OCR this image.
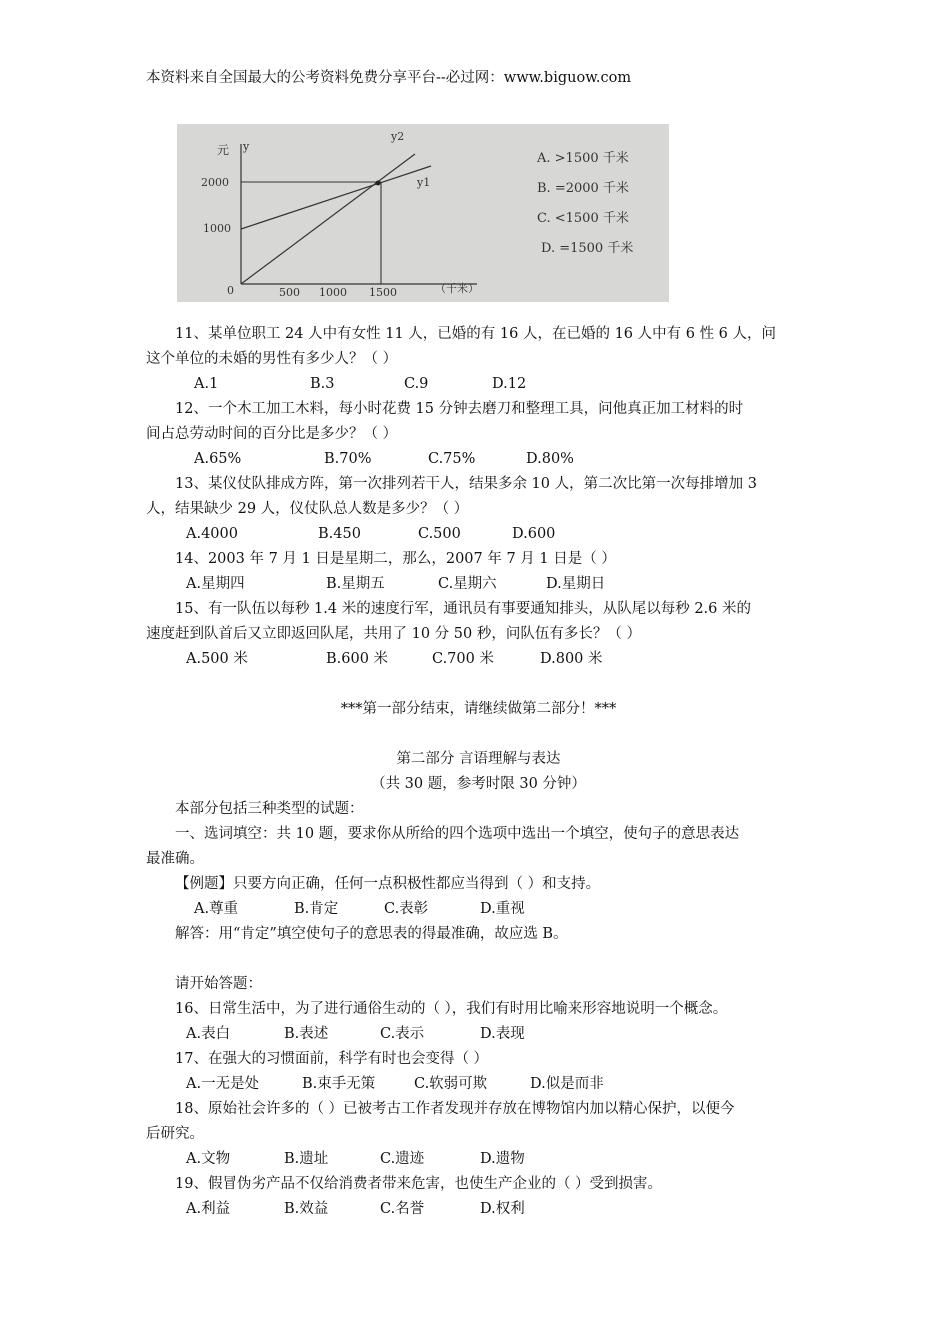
本资料来自全国最大的公考资料免费分享平台--必过网：www.biguow.com
元 y
2000
1000
0	500 1000 1500	（千米）
y2
y1
A. >1500 千米
B. =2000 千米
C. <1500 千米
D. =1500 千米

11、某单位职工 24 人中有女性 11 人，已婚的有 16 人，在已婚的 16 人中有 6 性 6 人，问

这个单位的未婚的男性有多少人？（ ）

A.1	B.3	C.9	D.12

12、一个木工加工木料，每小时花费 15 分钟去磨刀和整理工具，问他真正加工材料的时

间占总劳动时间的百分比是多少？（ ）

A.65%	B.70%	C.75%	D.80%

13、某仪仗队排成方阵，第一次排列若干人，结果多余 10 人，第二次比第一次每排增加 3

人，结果缺少 29 人，仪仗队总人数是多少？（ ）

A.4000	B.450	C.500	D.600

14、2003 年 7 月 1 日是星期二，那么，2007 年 7 月 1 日是（ ）

A.星期四	B.星期五	C.星期六	D.星期日

15、有一队伍以每秒 1.4 米的速度行军，通讯员有事要通知排头，从队尾以每秒 2.6 米的

速度赶到队首后又立即返回队尾，共用了 10 分 50 秒，问队伍有多长？（ ）

A.500 米	B.600 米	C.700 米	D.800 米

***第一部分结束，请继续做第二部分！***

第二部分 言语理解与表达

（共 30 题，参考时限 30 分钟）

本部分包括三种类型的试题：

一、选词填空：共 10 题，要求你从所给的四个选项中选出一个填空，使句子的意思表达

最准确。

【例题】只要方向正确，任何一点积极性都应当得到（ ）和支持。

A.尊重	B.肯定	C.表彰	D.重视

解答：用“肯定”填空使句子的意思表的得最准确，故应选 B。

请开始答题：

16、日常生活中，为了进行通俗生动的（ ），我们有时用比喻来形容地说明一个概念。

A.表白	B.表述	C.表示	D.表现

17、在强大的习惯面前，科学有时也会变得（ ）

A.一无是处	B.束手无策	C.软弱可欺	D.似是而非

18、原始社会许多的（ ）已被考古工作者发现并存放在博物馆内加以精心保护，以便今

后研究。

A.文物	B.遗址	C.遗迹	D.遗物

19、假冒伪劣产品不仅给消费者带来危害，也使生产企业的（ ）受到损害。

A.利益	B.效益	C.名誉	D.权利
